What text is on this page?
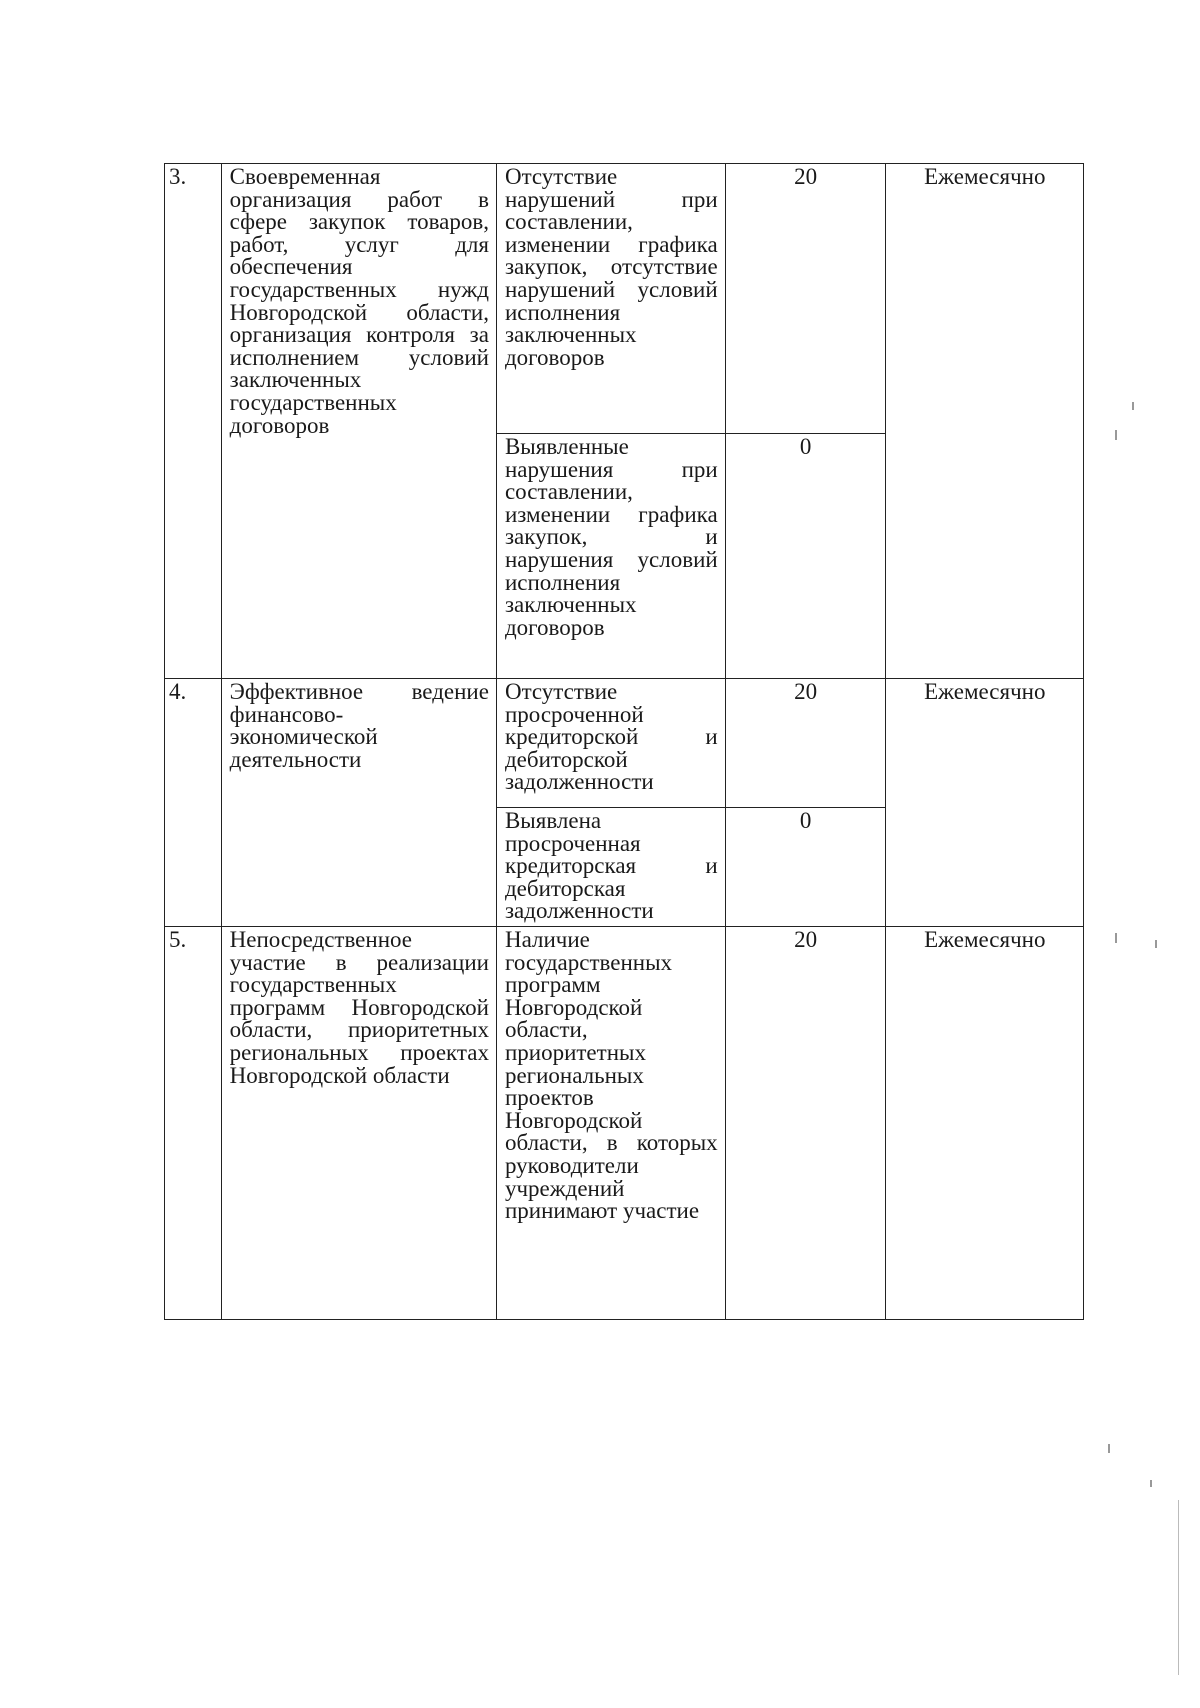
3.	Своевременная организация работ в сфере закупок товаров, работ, услуг для обеспечения государственных нужд Новгородской области, организация контроля за исполнением условий заключенных государственных договоров	Отсутствие нарушений при составлении, изменении графика закупок, отсутствие нарушений условий исполнения заключенных договоров	20	Ежемесячно
		Выявленные нарушения при составлении, изменении графика закупок, и нарушения условий исполнения заключенных договоров	0	
4.	Эффективное ведение финансово-экономической деятельности	Отсутствие просроченной кредиторской и дебиторской задолженности	20	Ежемесячно
		Выявлена просроченная кредиторская и дебиторская задолженности	0	
5.	Непосредственное участие в реализации государственных программ Новгородской области, приоритетных региональных проектах Новгородской области	Наличие государственных программ Новгородской области, приоритетных региональных проектов Новгородской области, в которых руководители учреждений принимают участие	20	Ежемесячно
